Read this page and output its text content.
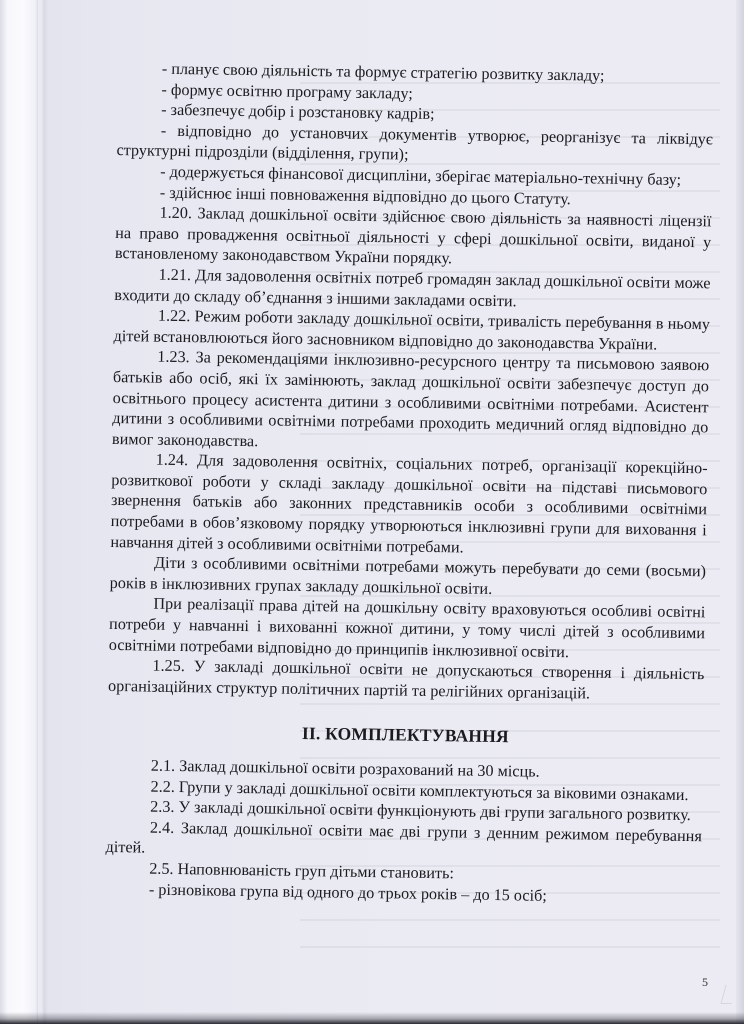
- планує свою діяльність та формує стратегію розвитку закладу;

- формує освітню програму закладу;

- забезпечує добір і розстановку кадрів;

- відповідно до установчих документів утворює, реорганізує та ліквідує структурні підрозділи (відділення, групи);

- додержується фінансової дисципліни, зберігає матеріально-технічну базу;

- здійснює інші повноваження відповідно до цього Статуту.

1.20. Заклад дошкільної освіти здійснює свою діяльність за наявності ліцензії на право провадження освітньої діяльності у сфері дошкільної освіти, виданої у встановленому законодавством України порядку.

1.21. Для задоволення освітніх потреб громадян заклад дошкільної освіти може входити до складу об’єднання з іншими закладами освіти.

1.22. Режим роботи закладу дошкільної освіти, тривалість перебування в ньому дітей встановлюються його засновником відповідно до законодавства України.

1.23. За рекомендаціями інклюзивно-ресурсного центру та письмовою заявою батьків або осіб, які їх замінюють, заклад дошкільної освіти забезпечує доступ до освітнього процесу асистента дитини з особливими освітніми потребами. Асистент дитини з особливими освітніми потребами проходить медичний огляд відповідно до вимог законодавства.

1.24. Для задоволення освітніх, соціальних потреб, організації корекційно-розвиткової роботи у складі закладу дошкільної освіти на підставі письмового звернення батьків або законних представників особи з особливими освітніми потребами в обов’язковому порядку утворюються інклюзивні групи для виховання і навчання дітей з особливими освітніми потребами.

Діти з особливими освітніми потребами можуть перебувати до семи (восьми) років в інклюзивних групах закладу дошкільної освіти.

При реалізації права дітей на дошкільну освіту враховуються особливі освітні потреби у навчанні і вихованні кожної дитини, у тому числі дітей з особливими освітніми потребами відповідно до принципів інклюзивної освіти.

1.25. У закладі дошкільної освіти не допускаються створення і діяльність організаційних структур політичних партій та релігійних організацій.

ІІ. КОМПЛЕКТУВАННЯ

2.1. Заклад дошкільної освіти розрахований на 30 місць.

2.2. Групи у закладі дошкільної освіти комплектуються за віковими ознаками.

2.3. У закладі дошкільної освіти функціонують дві групи загального розвитку.

2.4. Заклад дошкільної освіти має дві групи з денним режимом перебування дітей.

2.5. Наповнюваність груп дітьми становить:

- різновікова група від одного до трьох років – до 15 осіб;

5
